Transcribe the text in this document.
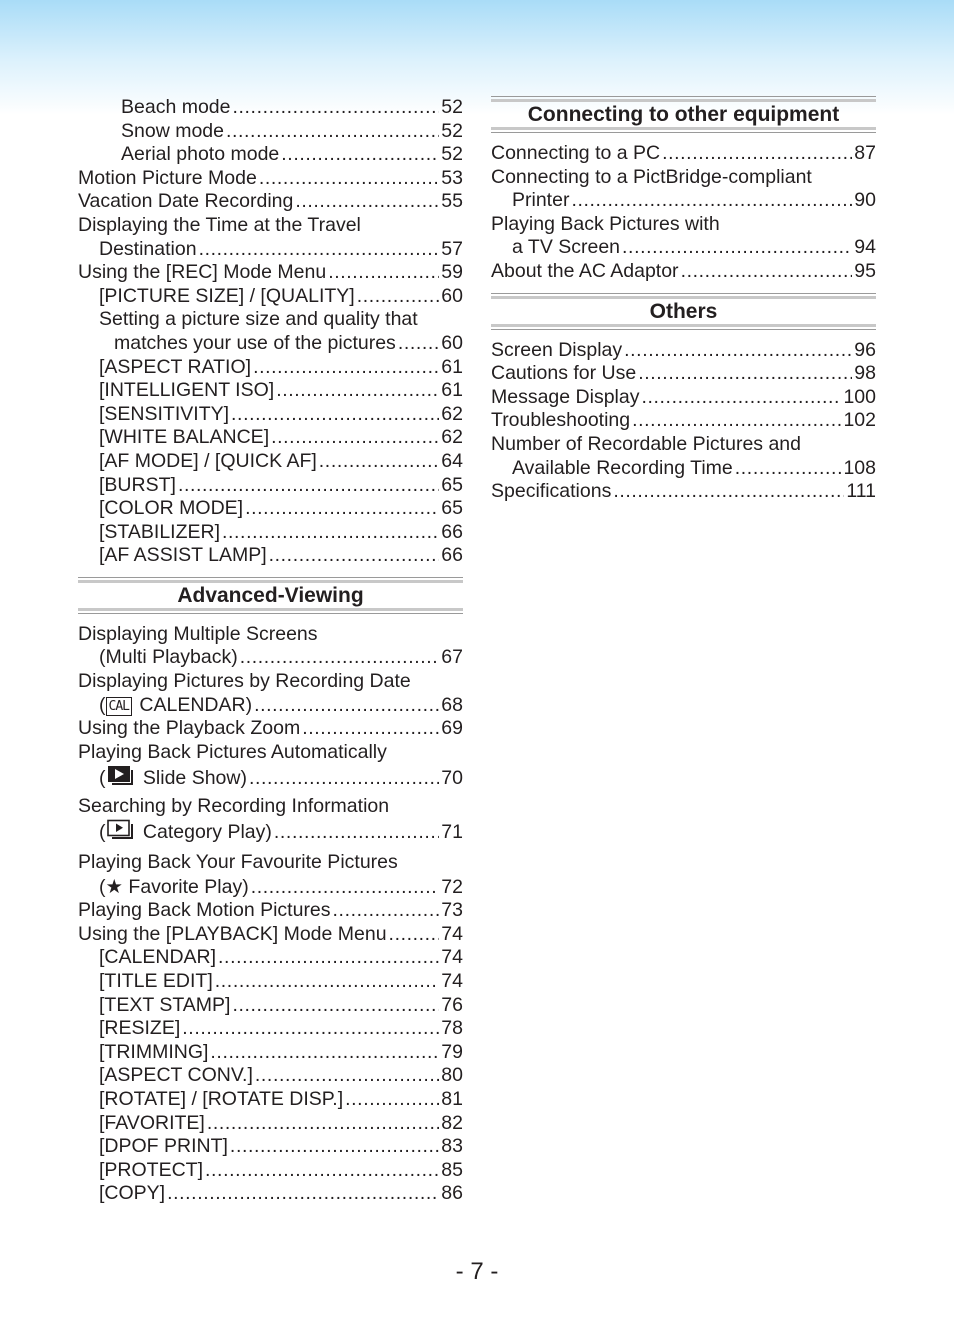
Beach mode .....	52
Snow mode .....	52
Aerial photo mode .....	52
Motion Picture Mode .....	53
Vacation Date Recording .....	55
Displaying the Time at the Travel
Destination .....	57
Using the [REC] Mode Menu .....	59
[PICTURE SIZE] / [QUALITY] .....	60
Setting a picture size and quality that
matches your use of the pictures ..... 60
[ASPECT RATIO] .....	61
[INTELLIGENT ISO] .....	61
[SENSITIVITY] .....	62
[WHITE BALANCE] .....	62
[AF MODE] / [QUICK AF] .....	64
[BURST] .....	65
[COLOR MODE] .....	65
[STABILIZER] .....	66
[AF ASSIST LAMP] .....	66
Advanced-Viewing
Displaying Multiple Screens
(Multi Playback) .....	67
Displaying Pictures by Recording Date
( CAL CALENDAR) .....	68
Using the Playback Zoom .....	69
Playing Back Pictures Automatically
( Slide Show) .....	70
Searching by Recording Information
( Category Play) .....	71
Playing Back Your Favourite Pictures
(★ Favorite Play) .....	72
Playing Back Motion Pictures .....	73
Using the [PLAYBACK] Mode Menu .....	74
[CALENDAR] .....	74
[TITLE EDIT] .....	74
[TEXT STAMP] .....	76
[RESIZE] .....	78
[TRIMMING] .....	79
[ASPECT CONV.] .....	80
[ROTATE] / [ROTATE DISP.] .....	81
[FAVORITE] .....	82
[DPOF PRINT] .....	83
[PROTECT] .....	85
[COPY] .....	86
Connecting to other equipment
Connecting to a PC .....	87
Connecting to a PictBridge-compliant
Printer .....	90
Playing Back Pictures with
a TV Screen .....	94
About the AC Adaptor .....	95
Others
Screen Display .....	96
Cautions for Use .....	98
Message Display .....	100
Troubleshooting .....	102
Number of Recordable Pictures and
Available Recording Time .....	108
Specifications .....	111
- 7 -
